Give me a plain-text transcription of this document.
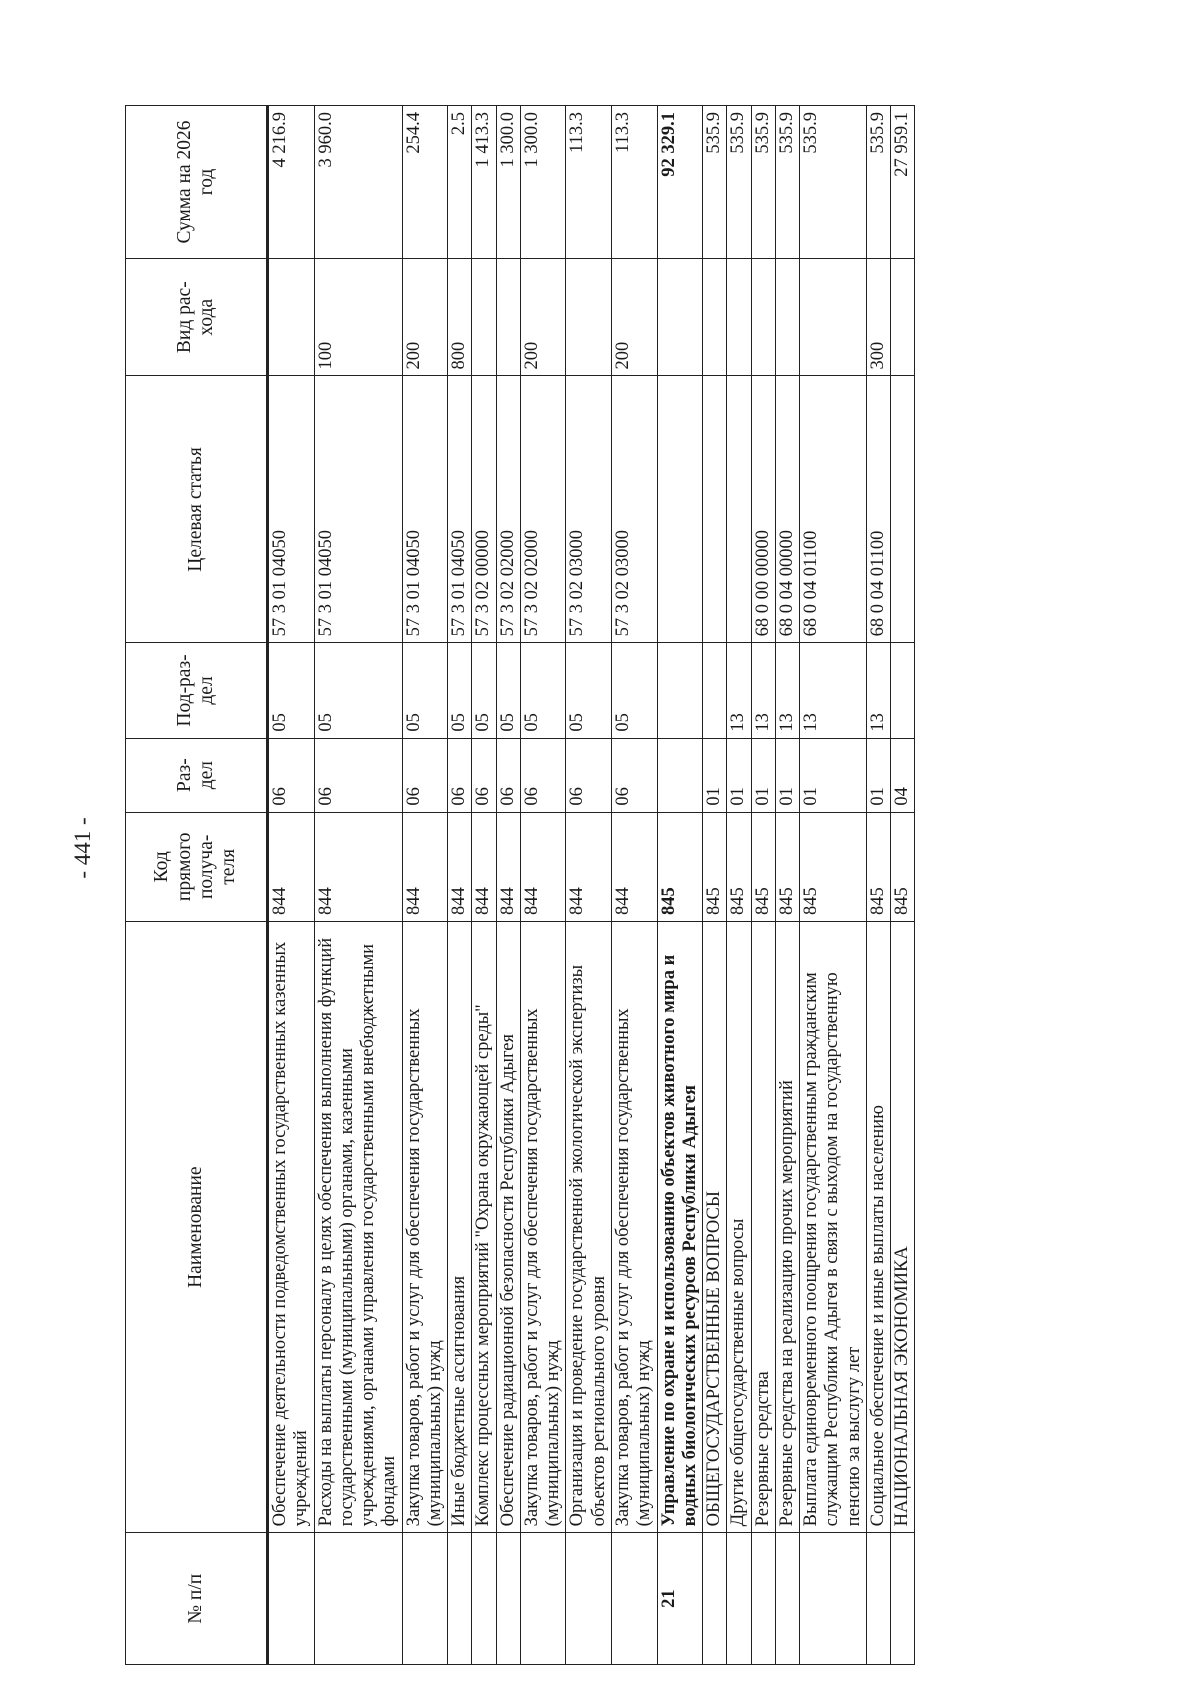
- 441 -
№ п/п	Наименование	Код прямого получа-теля	Раз-дел	Под-раз-дел	Целевая статья	Вид рас-хода	Сумма на 2026 год
	Обеспечение деятельности подведомственных государственных казенных учреждений	844	06	05	57 3 01 04050		4 216.9
	Расходы на выплаты персоналу в целях обеспечения выполнения функций государственными (муниципальными) органами, казенными учреждениями, органами управления государственными внебюджетными фондами	844	06	05	57 3 01 04050	100	3 960.0
	Закупка товаров, работ и услуг для обеспечения государственных (муниципальных) нужд	844	06	05	57 3 01 04050	200	254.4
	Иные бюджетные ассигнования	844	06	05	57 3 01 04050	800	2.5
	Комплекс процессных мероприятий "Охрана окружающей среды"	844	06	05	57 3 02 00000		1 413.3
	Обеспечение радиационной безопасности Республики Адыгея	844	06	05	57 3 02 02000		1 300.0
	Закупка товаров, работ и услуг для обеспечения государственных (муниципальных) нужд	844	06	05	57 3 02 02000	200	1 300.0
	Организация и проведение государственной экологической экспертизы объектов регионального уровня	844	06	05	57 3 02 03000		113.3
	Закупка товаров, работ и услуг для обеспечения государственных (муниципальных) нужд	844	06	05	57 3 02 03000	200	113.3
21	Управление по охране и использованию объектов животного мира и водных биологических ресурсов Республики Адыгея	845					92 329.1
	ОБЩЕГОСУДАРСТВЕННЫЕ ВОПРОСЫ	845	01				535.9
	Другие общегосударственные вопросы	845	01	13			535.9
	Резервные средства	845	01	13	68 0 00 00000		535.9
	Резервные средства на реализацию прочих мероприятий	845	01	13	68 0 04 00000		535.9
	Выплата единовременного поощрения государственным гражданским служащим Республики Адыгея в связи с выходом на государственную пенсию за выслугу лет	845	01	13	68 0 04 01100		535.9
	Социальное обеспечение и иные выплаты населению	845	01	13	68 0 04 01100	300	535.9
	НАЦИОНАЛЬНАЯ ЭКОНОМИКА	845	04				27 959.1
